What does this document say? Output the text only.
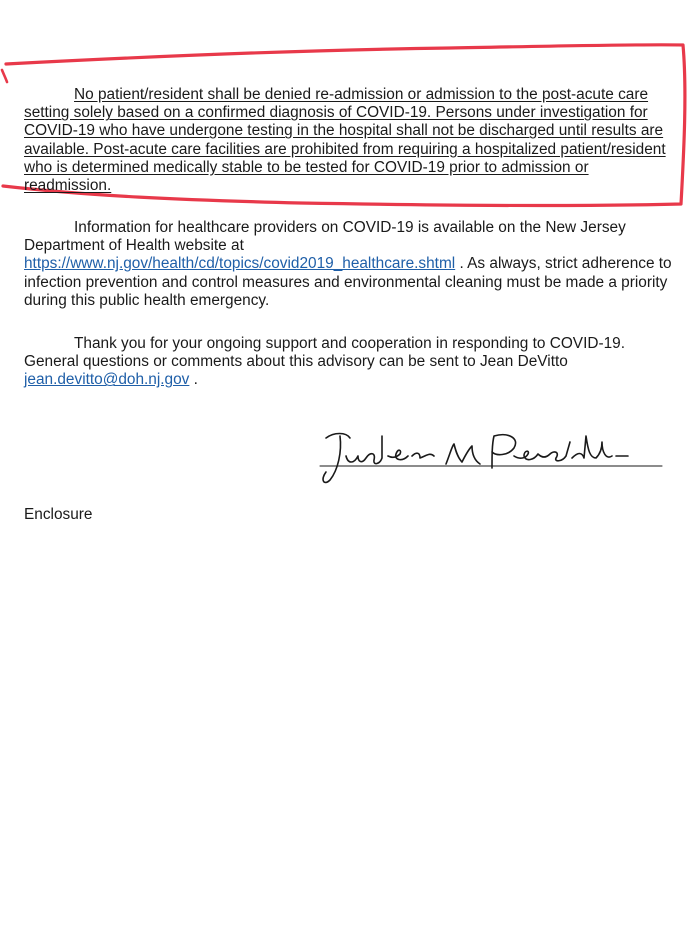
No patient/resident shall be denied re-admission or admission to the post-acute care setting solely based on a confirmed diagnosis of COVID-19. Persons under investigation for COVID-19 who have undergone testing in the hospital shall not be discharged until results are available. Post-acute care facilities are prohibited from requiring a hospitalized patient/resident who is determined medically stable to be tested for COVID-19 prior to admission or readmission.

Information for healthcare providers on COVID-19 is available on the New Jersey Department of Health website at https://www.nj.gov/health/cd/topics/covid2019_healthcare.shtml . As always, strict adherence to infection prevention and control measures and environmental cleaning must be made a priority during this public health emergency.

Thank you for your ongoing support and cooperation in responding to COVID-19. General questions or comments about this advisory can be sent to Jean DeVitto jean.devitto@doh.nj.gov .

Enclosure
